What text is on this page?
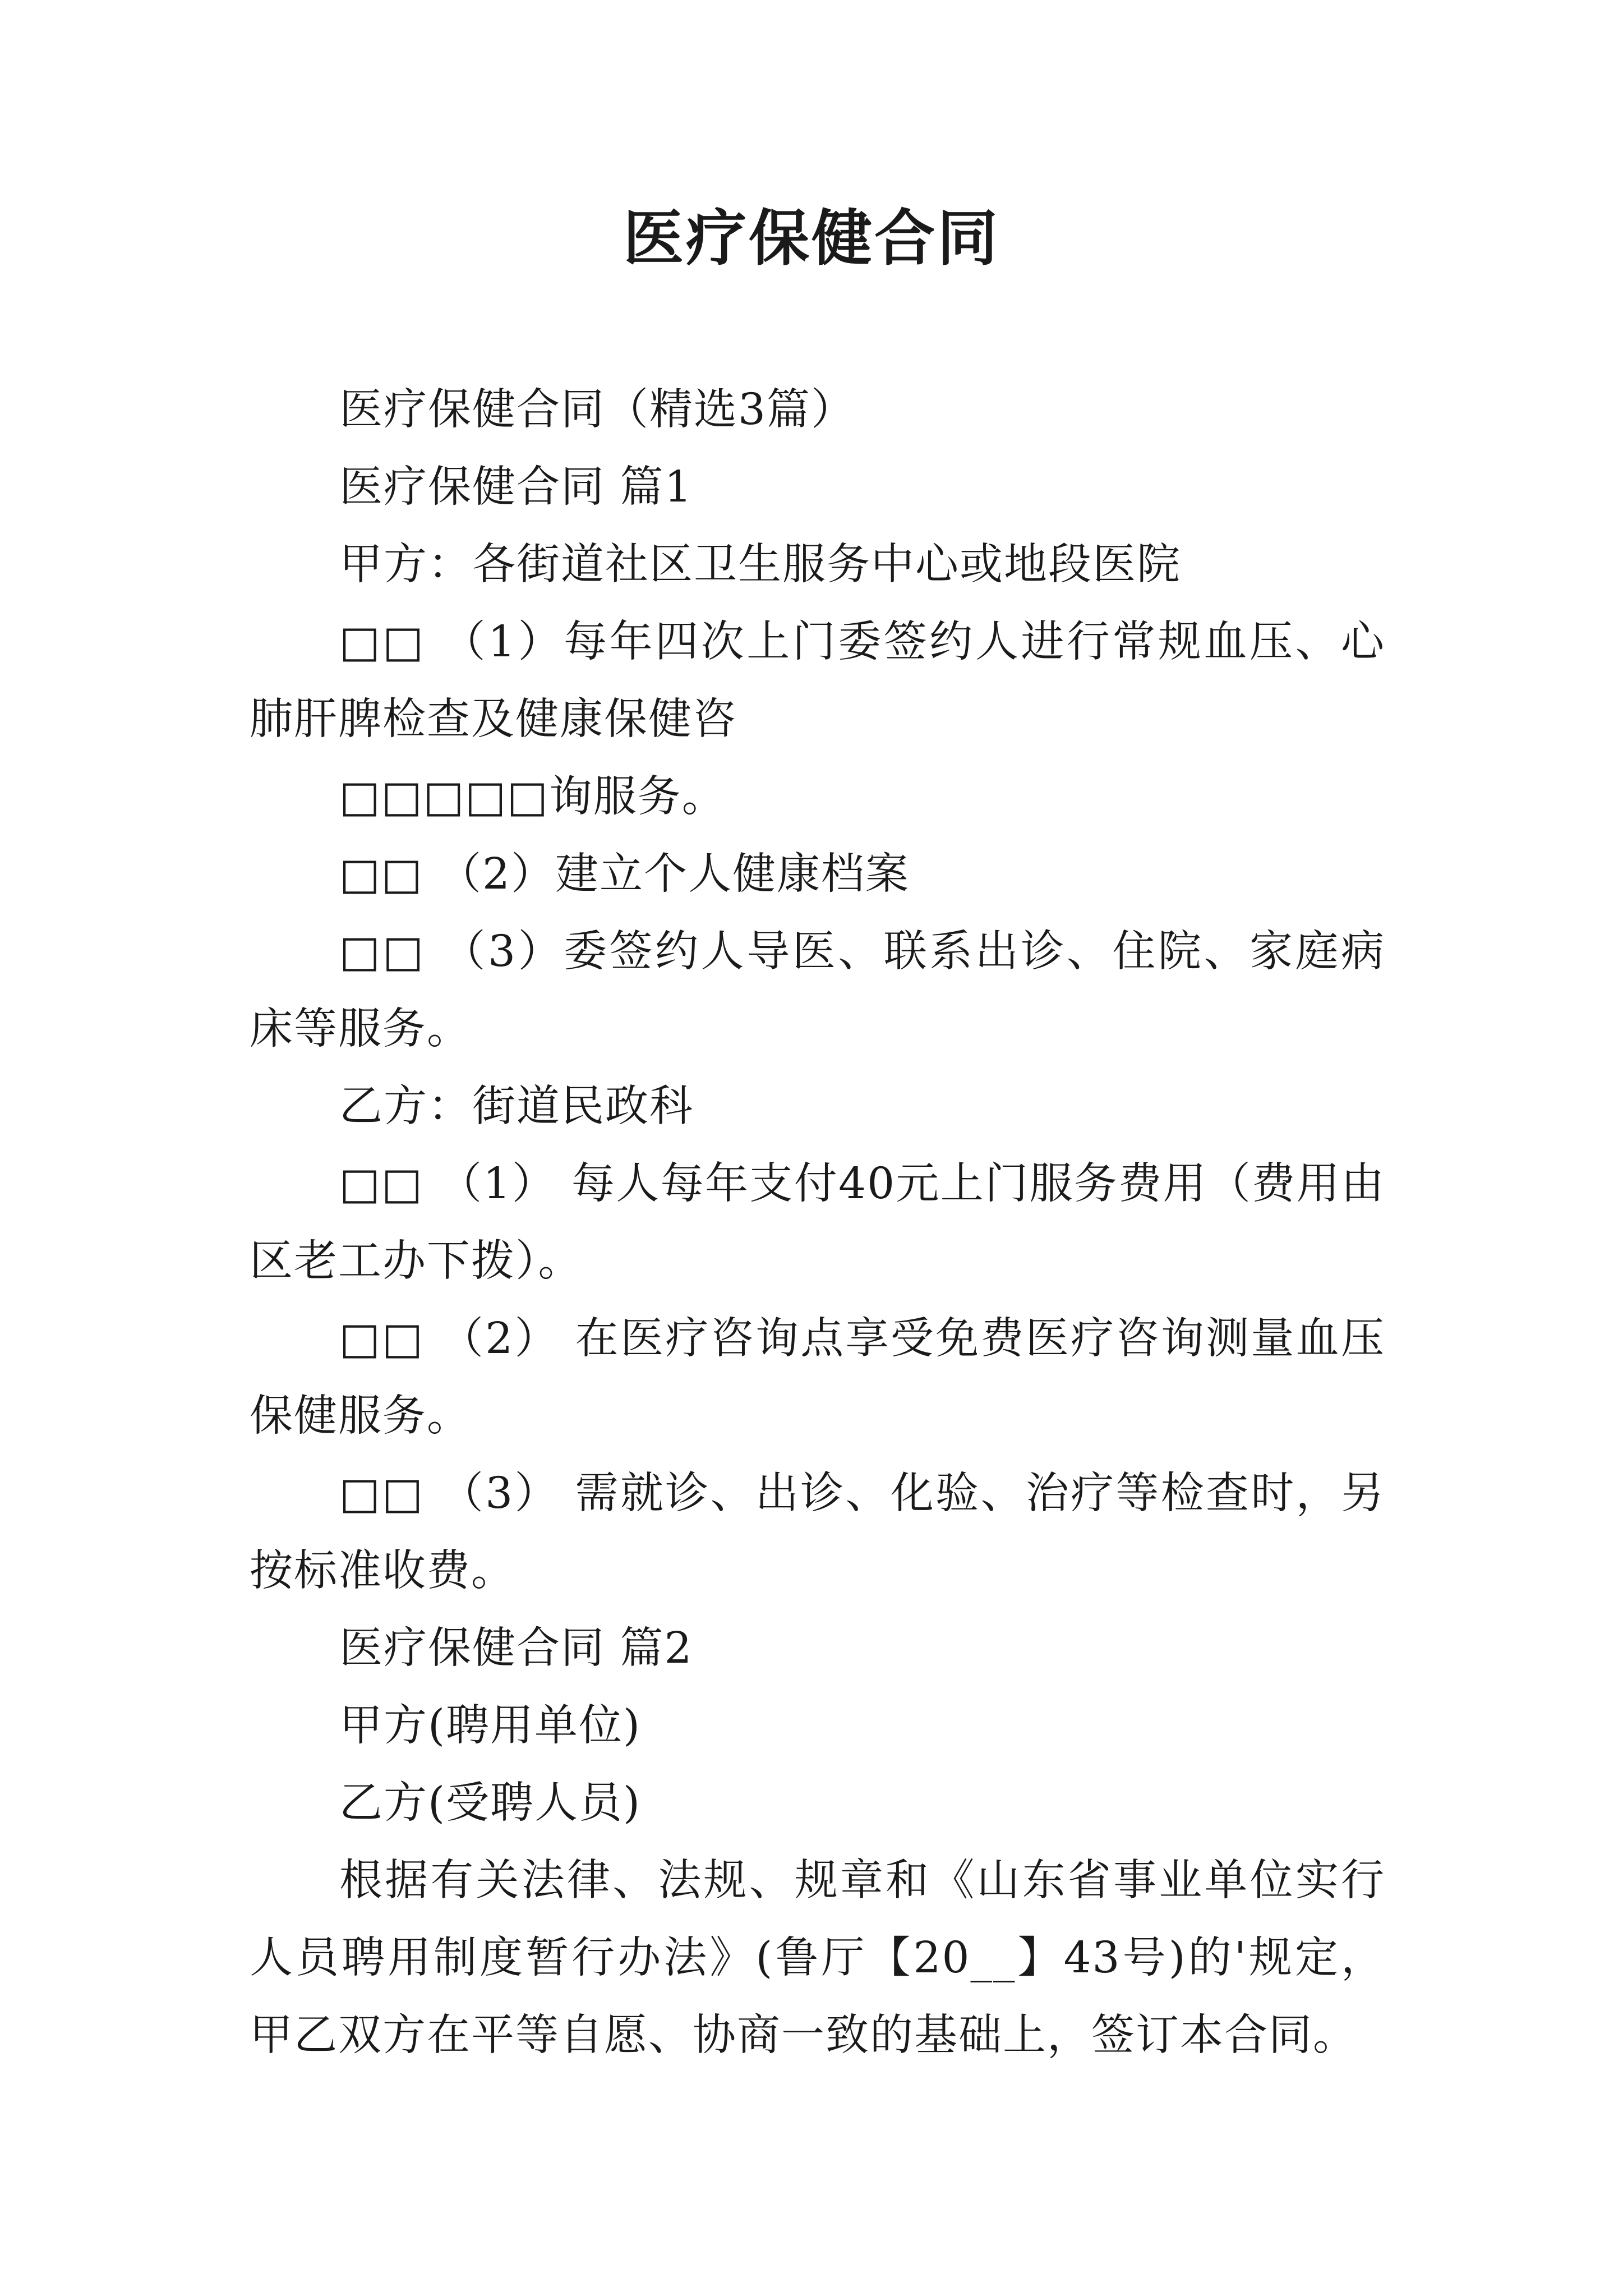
医疗保健合同

医疗保健合同（精选3篇）

医疗保健合同 篇1

甲方：各街道社区卫生服务中心或地段医院

□□ （1）每年四次上门委签约人进行常规血压、心肺肝脾检查及健康保健咨

□□□□□询服务。

□□ （2）建立个人健康档案

□□ （3）委签约人导医、联系出诊、住院、家庭病床等服务。

乙方：街道民政科

□□ （1） 每人每年支付40元上门服务费用（费用由区老工办下拨）。

□□ （2） 在医疗咨询点享受免费医疗咨询测量血压保健服务。

□□ （3） 需就诊、出诊、化验、治疗等检查时，另按标准收费。

医疗保健合同 篇2

甲方(聘用单位)

乙方(受聘人员)

根据有关法律、法规、规章和《山东省事业单位实行人员聘用制度暂行办法》(鲁厅【20__】43号)的'规定，甲乙双方在平等自愿、协商一致的基础上，签订本合同。
